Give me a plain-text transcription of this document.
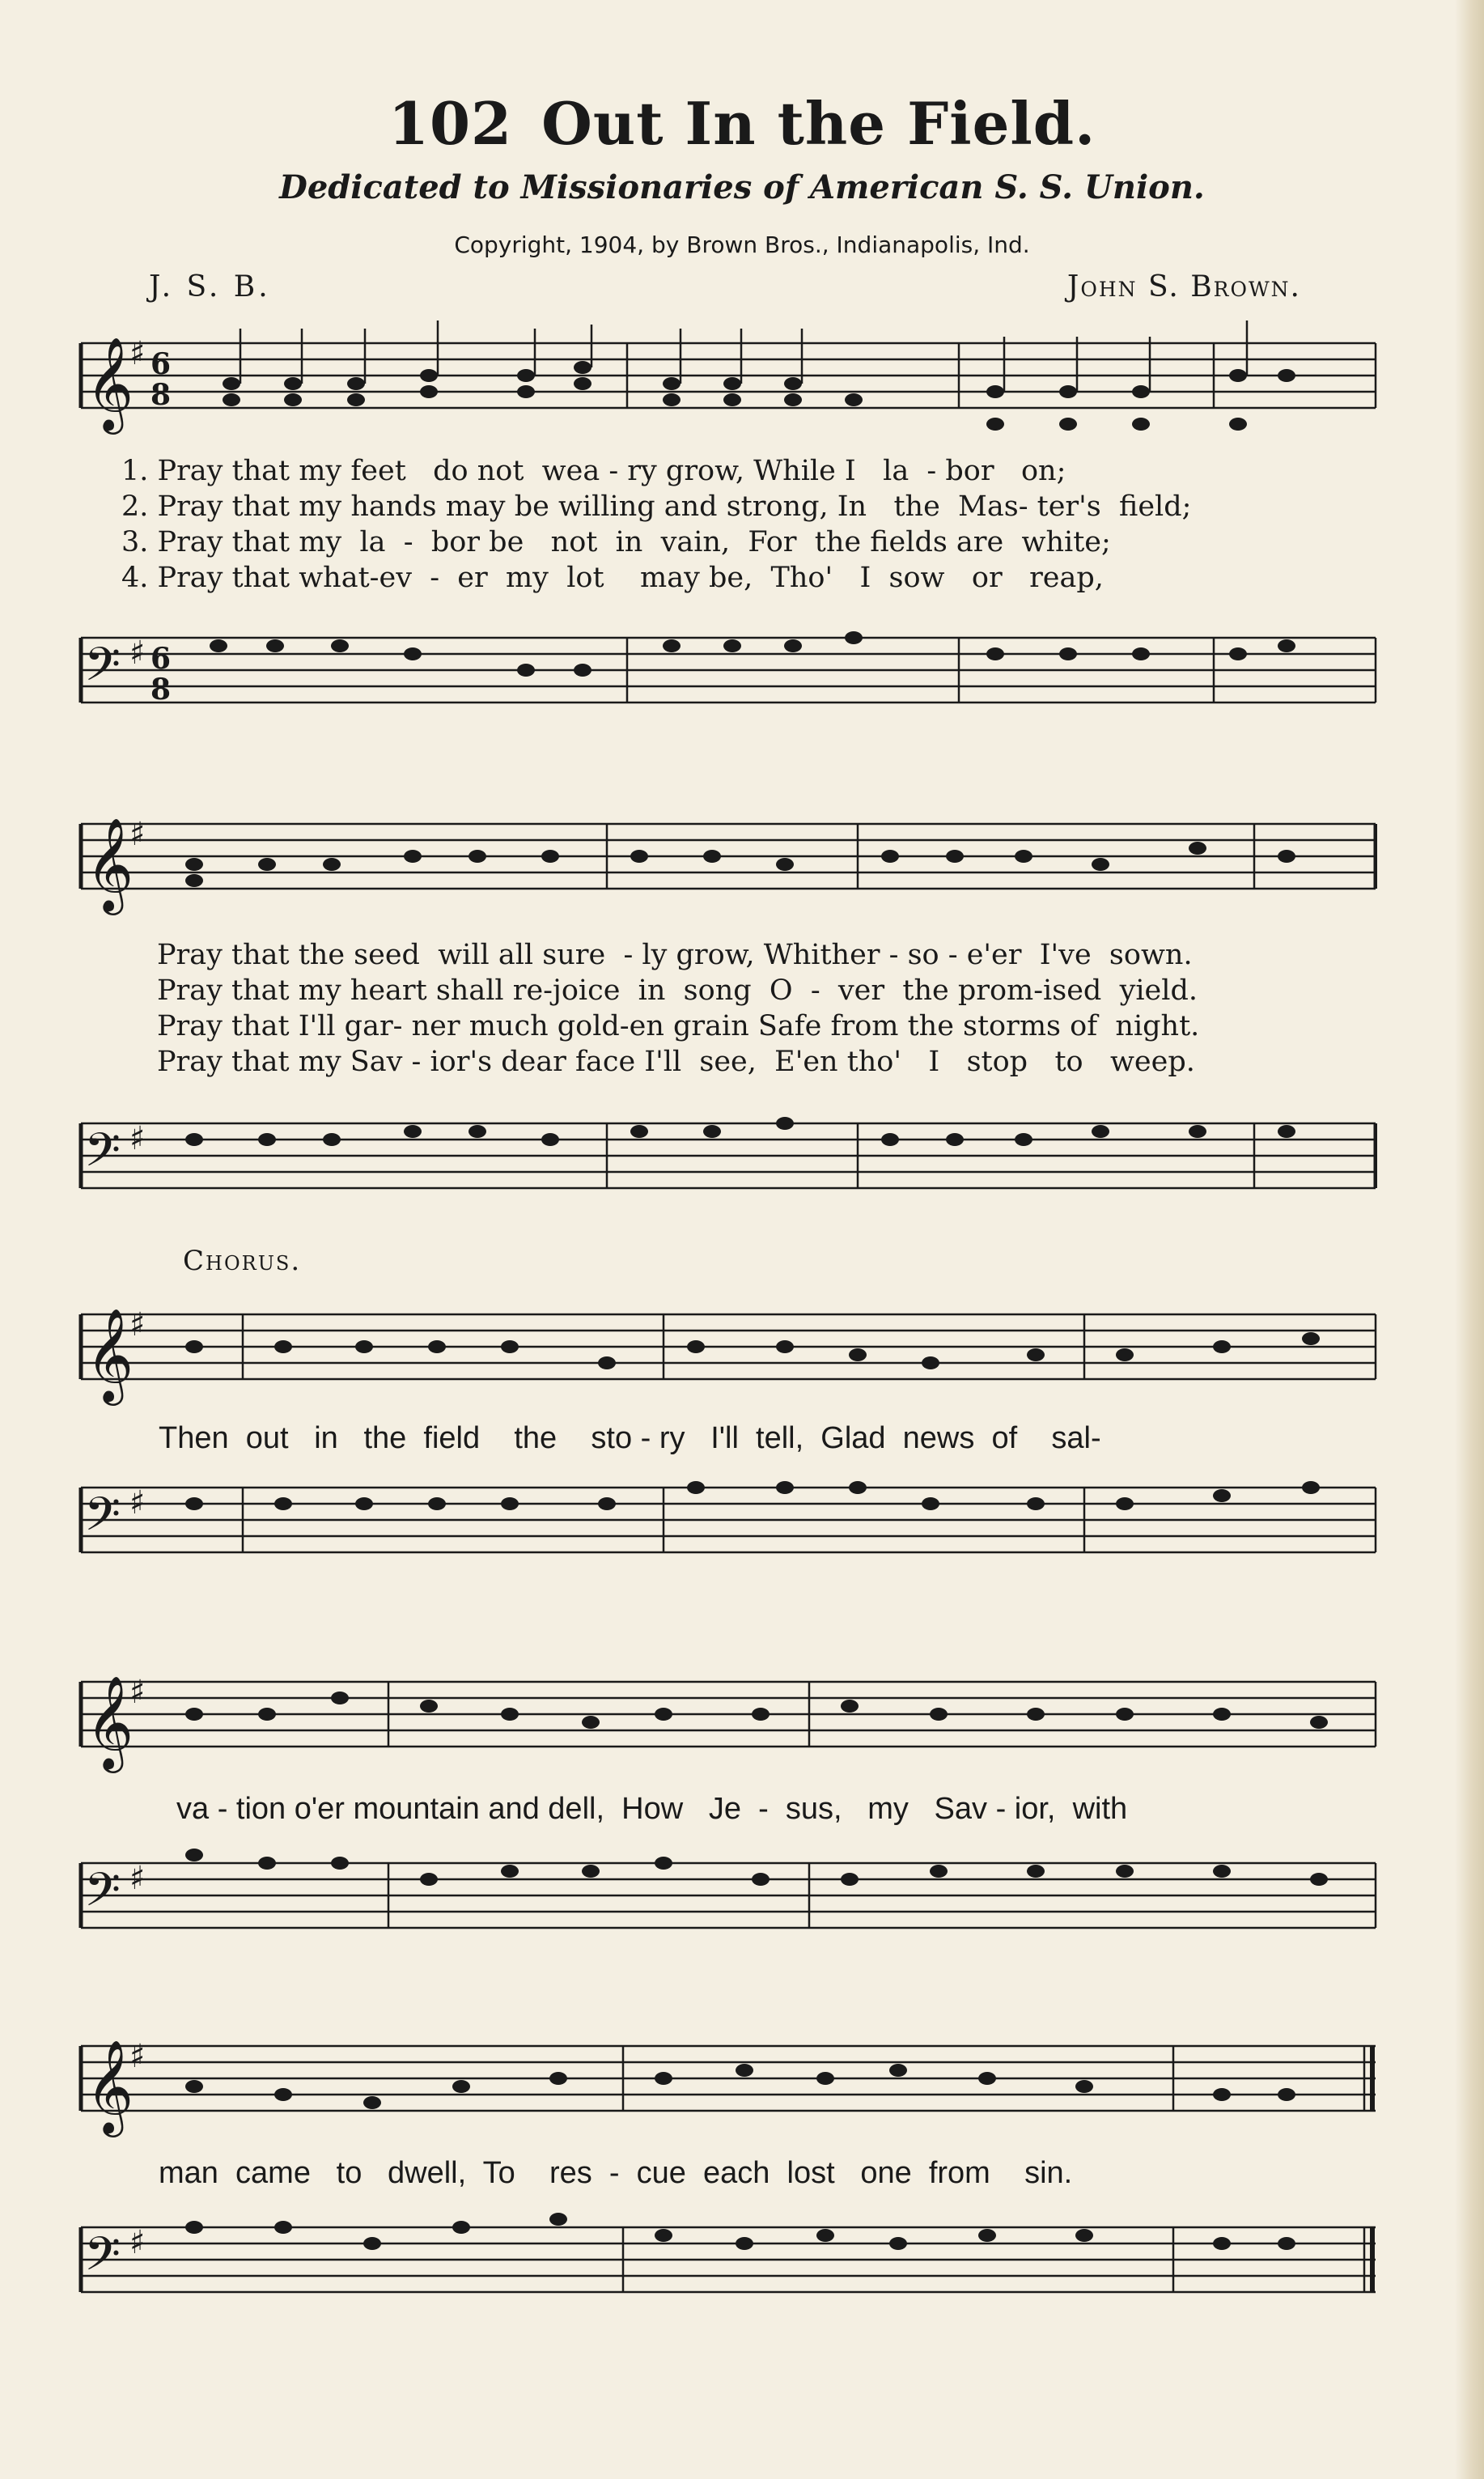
102 Out In the Field.
Dedicated to Missionaries of American S. S. Union.
Copyright, 1904, by Brown Bros., Indianapolis, Ind.
J. S. B.	John S. Brown.
𝄞
♯ 6
8
1. Pray that my feet   do not  wea - ry grow, While I   la  - bor   on;
2. Pray that my hands may be willing and strong, In   the  Mas- ter's  field;
3. Pray that my  la  -  bor be   not  in  vain,  For  the fields are  white;
4. Pray that what-ev  -  er  my  lot    may be,  Tho'   I  sow   or   reap,
𝄢 ♯ 6
8
𝄞
♯
Pray that the seed  will all sure  - ly grow, Whither - so - e'er  I've  sown.
Pray that my heart shall re-joice  in  song  O  -  ver  the prom-ised  yield.
Pray that I'll gar- ner much gold-en grain Safe from the storms of  night.
Pray that my Sav - ior's dear face I'll  see,  E'en tho'   I   stop   to   weep.
𝄢 ♯
Chorus.
𝄞
♯
Then  out   in   the  field    the    sto - ry   I'll  tell,  Glad  news  of    sal-
𝄢 ♯
𝄞
♯
va - tion o'er mountain and dell,  How   Je  -  sus,   my   Sav - ior,  with
𝄢 ♯
𝄞
♯
man  came   to   dwell,  To    res  -  cue  each  lost   one  from    sin.
𝄢 ♯
